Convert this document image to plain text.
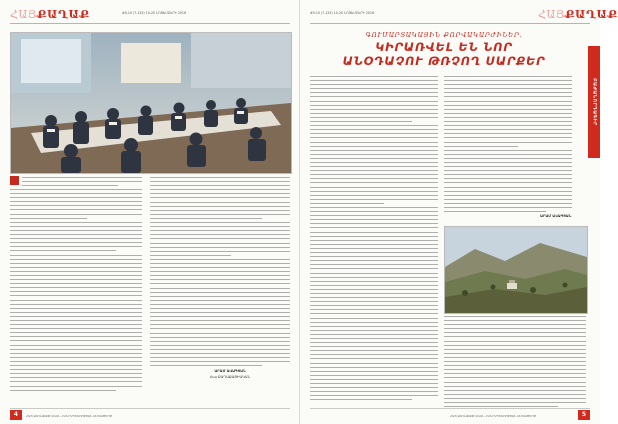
ՀԱՅՔԱՂԱՔ	#9-10 (7-125) 10-20 ՆՈՅԵՄԲԵՐԻ 2016
ԱՐԱՄ ԱՎԱԳՅԱՆ
Հայ ՔԱՂԱՔԱՑԻԱԿԱՆ
4	ՀԱՅ ՔԱՂԱՔԱՑԻԱԿԱՆ ՀԱՆՐԱՊԵՏՈՒԹՅԱՆ ԱՄՍԱԹԵՐԹ
#9-10 (7-125) 10-20 ՆՈՅԵՄԲԵՐԻ 2016	ՀԱՅՔԱՂԱՔ
ԳՈՒՄԱՐՏԱԿԱՅԻՆ ՔՈՐՎԱԿԱՐԺԻՆԵՐ.
ԿԻՐԱՌՎԵԼ ԵՆ ՆՈՐ
ԱՆՕԴԱՉՈՒ ԹՌՉՈՂ ՍԱՐՔԵՐ
ԲԱԺԱՆՈՐԴԱԳԻՐ
ԱՐԱՄ ԱՎԱԳՅԱՆ
ՀԱՅ ՔԱՂԱՔԱՑԻԱԿԱՆ ՀԱՆՐԱՊԵՏՈՒԹՅԱՆ ԱՄՍԱԹԵՐԹ	5
